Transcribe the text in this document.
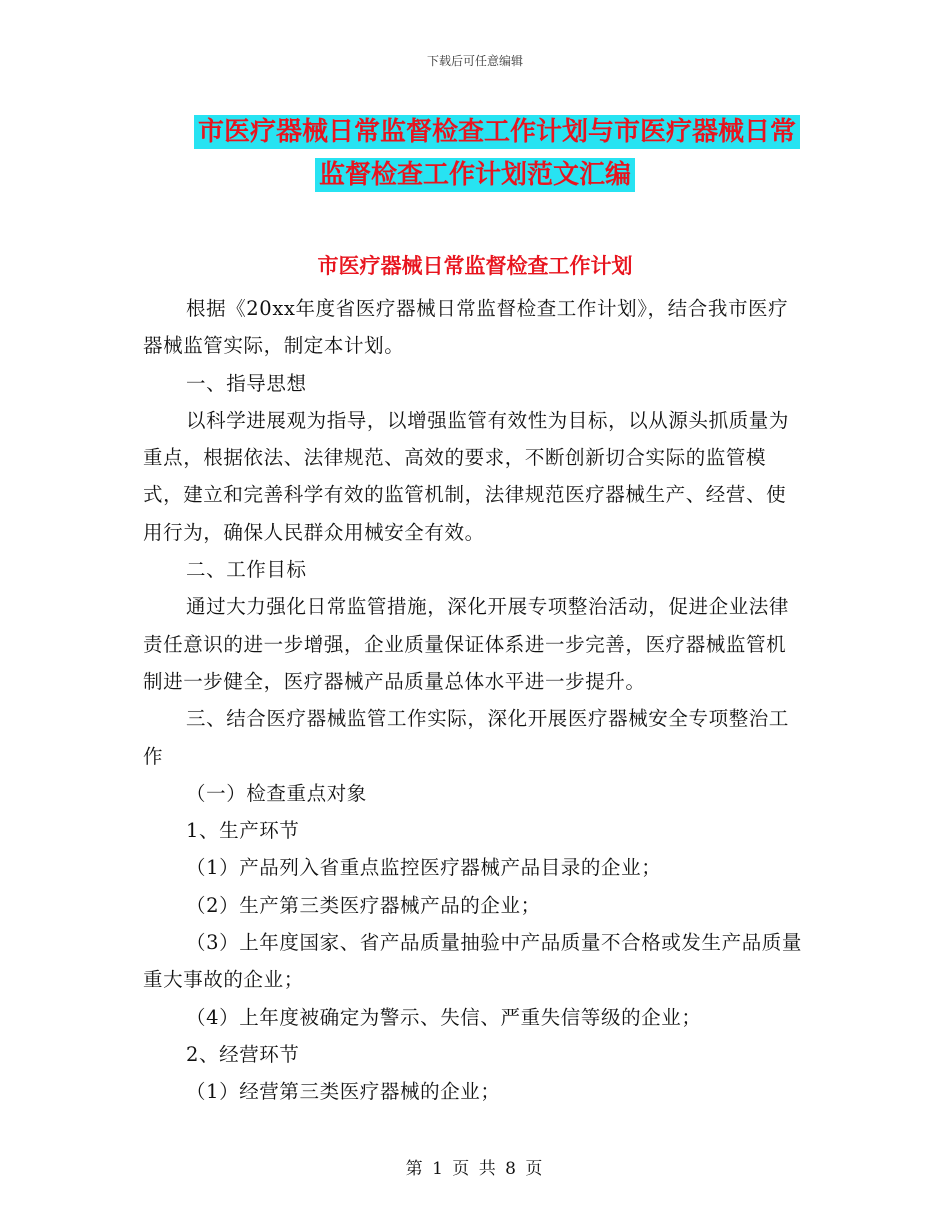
下载后可任意编辑
市医疗器械日常监督检查工作计划与市医疗器械日常
监督检查工作计划范文汇编
市医疗器械日常监督检查工作计划

根据《20xx年度省医疗器械日常监督检查工作计划》，结合我市医疗器械监管实际，制定本计划。

一、指导思想

以科学进展观为指导，以增强监管有效性为目标，以从源头抓质量为重点，根据依法、法律规范、高效的要求，不断创新切合实际的监管模式，建立和完善科学有效的监管机制，法律规范医疗器械生产、经营、使用行为，确保人民群众用械安全有效。

二、工作目标

通过大力强化日常监管措施，深化开展专项整治活动，促进企业法律责任意识的进一步增强，企业质量保证体系进一步完善，医疗器械监管机制进一步健全，医疗器械产品质量总体水平进一步提升。

三、结合医疗器械监管工作实际，深化开展医疗器械安全专项整治工作

（一）检查重点对象

1、生产环节

（1）产品列入省重点监控医疗器械产品目录的企业；

（2）生产第三类医疗器械产品的企业；

（3）上年度国家、省产品质量抽验中产品质量不合格或发生产品质量重大事故的企业；

（4）上年度被确定为警示、失信、严重失信等级的企业；

2、经营环节

（1）经营第三类医疗器械的企业；

第 1 页 共 8 页
